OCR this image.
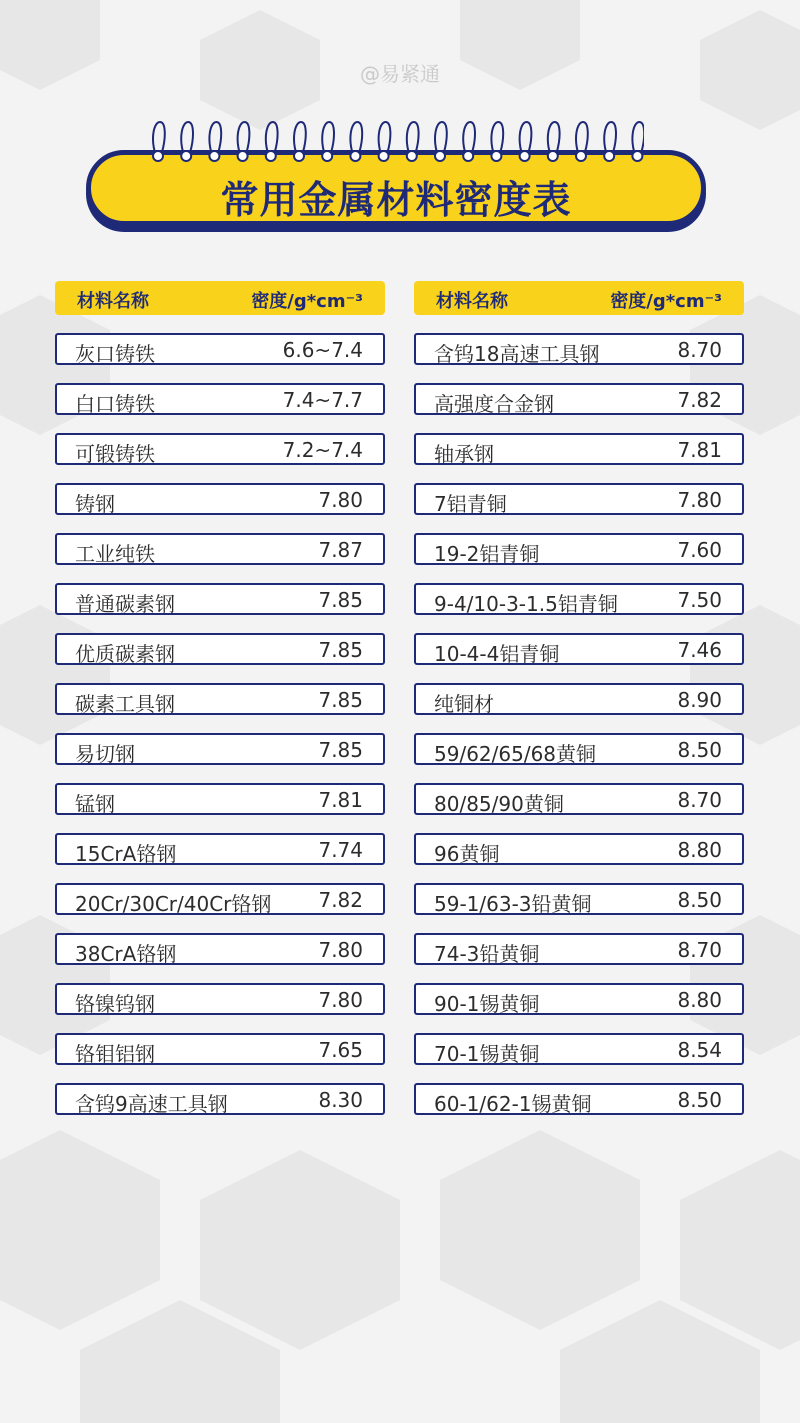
@易紧通
常用金属材料密度表
材料名称	密度/g*cm⁻³
灰口铸铁	6.6~7.4
白口铸铁	7.4~7.7
可锻铸铁	7.2~7.4
铸钢	7.80
工业纯铁	7.87
普通碳素钢	7.85
优质碳素钢	7.85
碳素工具钢	7.85
易切钢	7.85
锰钢	7.81
15CrA铬钢	7.74
20Cr/30Cr/40Cr铬钢 7.82
38CrA铬钢	7.80
铬镍钨钢	7.80
铬钼铝钢	7.65
含钨9高速工具钢	8.30
材料名称	密度/g*cm⁻³
含钨18高速工具钢	8.70
高强度合金钢	7.82
轴承钢	7.81
7铝青铜	7.80
19-2铝青铜	7.60
9-4/10-3-1.5铝青铜	7.50
10-4-4铝青铜	7.46
纯铜材	8.90
59/62/65/68黄铜	8.50
80/85/90黄铜	8.70
96黄铜	8.80
59-1/63-3铅黄铜	8.50
74-3铅黄铜	8.70
90-1锡黄铜	8.80
70-1锡黄铜	8.54
60-1/62-1锡黄铜	8.50
